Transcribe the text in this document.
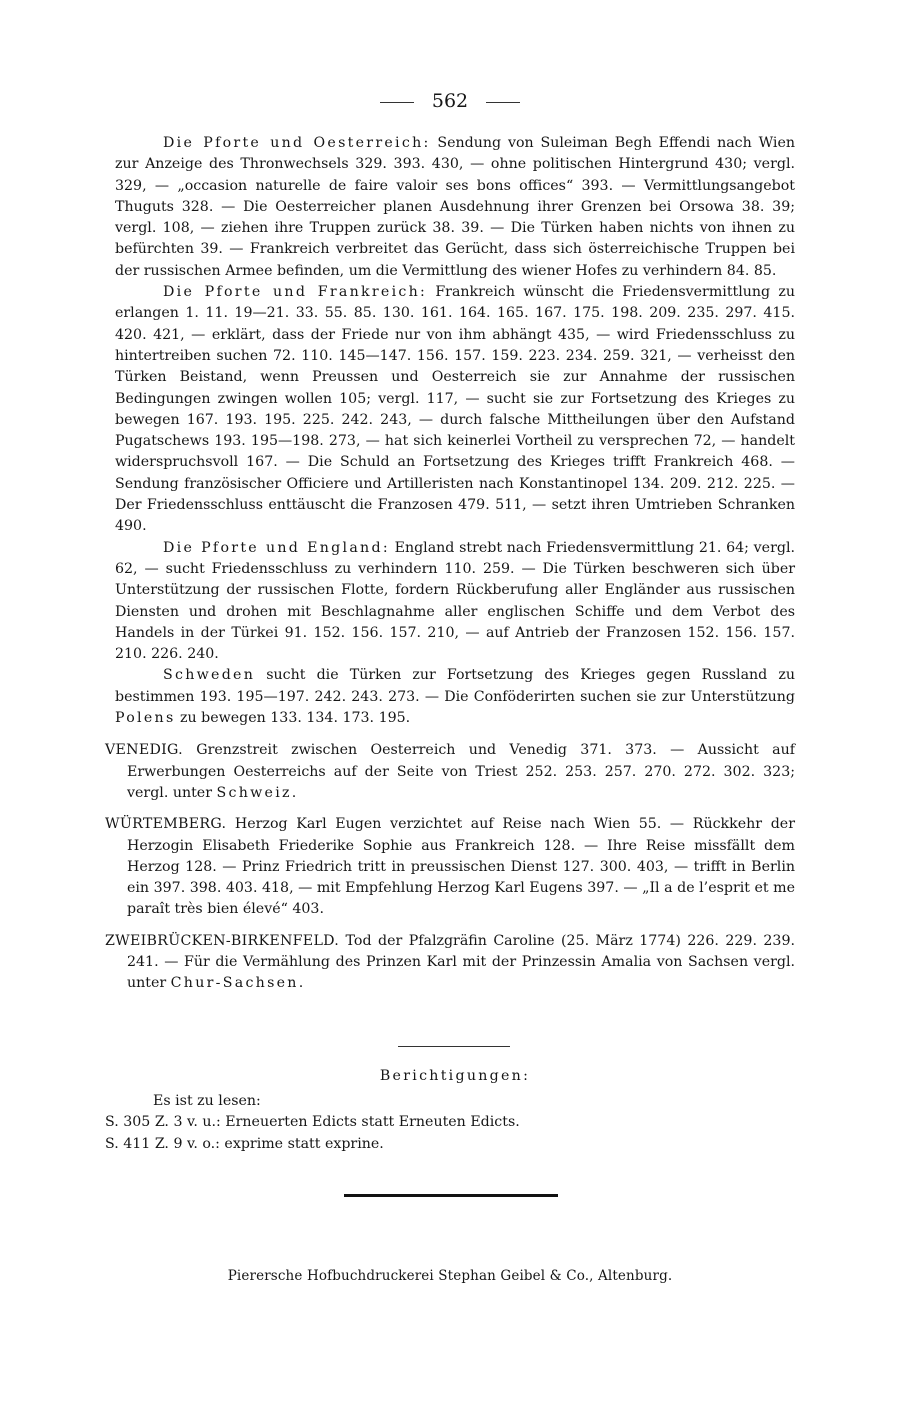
562

Die Pforte und Oesterreich: Sendung von Suleiman Begh Effendi nach Wien zur Anzeige des Thronwechsels 329. 393. 430, — ohne politischen Hintergrund 430; vergl. 329, — „occasion naturelle de faire valoir ses bons offices“ 393. — Vermittlungsangebot Thuguts 328. — Die Oesterreicher planen Ausdehnung ihrer Grenzen bei Orsowa 38. 39; vergl. 108, — ziehen ihre Truppen zurück 38. 39. — Die Türken haben nichts von ihnen zu befürchten 39. — Frankreich verbreitet das Gerücht, dass sich österreichische Truppen bei der russischen Armee befinden, um die Vermittlung des wiener Hofes zu verhindern 84. 85.

Die Pforte und Frankreich: Frankreich wünscht die Friedensvermittlung zu erlangen 1. 11. 19—21. 33. 55. 85. 130. 161. 164. 165. 167. 175. 198. 209. 235. 297. 415. 420. 421, — erklärt, dass der Friede nur von ihm abhängt 435, — wird Friedensschluss zu hintertreiben suchen 72. 110. 145—147. 156. 157. 159. 223. 234. 259. 321, — verheisst den Türken Beistand, wenn Preussen und Oesterreich sie zur Annahme der russischen Bedingungen zwingen wollen 105; vergl. 117, — sucht sie zur Fortsetzung des Krieges zu bewegen 167. 193. 195. 225. 242. 243, — durch falsche Mittheilungen über den Aufstand Pugatschews 193. 195—198. 273, — hat sich keinerlei Vortheil zu versprechen 72, — handelt widerspruchsvoll 167. — Die Schuld an Fortsetzung des Krieges trifft Frankreich 468. — Sendung französischer Officiere und Artilleristen nach Konstantinopel 134. 209. 212. 225. — Der Friedensschluss enttäuscht die Franzosen 479. 511, — setzt ihren Umtrieben Schranken 490.

Die Pforte und England: England strebt nach Friedensvermittlung 21. 64; vergl. 62, — sucht Friedensschluss zu verhindern 110. 259. — Die Türken beschweren sich über Unterstützung der russischen Flotte, fordern Rückberufung aller Engländer aus russischen Diensten und drohen mit Beschlagnahme aller englischen Schiffe und dem Verbot des Handels in der Türkei 91. 152. 156. 157. 210, — auf Antrieb der Franzosen 152. 156. 157. 210. 226. 240.

Schweden sucht die Türken zur Fortsetzung des Krieges gegen Russland zu bestimmen 193. 195—197. 242. 243. 273. — Die Conföderirten suchen sie zur Unterstützung Polens zu bewegen 133. 134. 173. 195.

VENEDIG. Grenzstreit zwischen Oesterreich und Venedig 371. 373. — Aussicht auf Erwerbungen Oesterreichs auf der Seite von Triest 252. 253. 257. 270. 272. 302. 323; vergl. unter Schweiz.

WÜRTEMBERG. Herzog Karl Eugen verzichtet auf Reise nach Wien 55. — Rückkehr der Herzogin Elisabeth Friederike Sophie aus Frankreich 128. — Ihre Reise missfällt dem Herzog 128. — Prinz Friedrich tritt in preussischen Dienst 127. 300. 403, — trifft in Berlin ein 397. 398. 403. 418, — mit Empfehlung Herzog Karl Eugens 397. — „Il a de l’esprit et me paraît très bien élevé“ 403.

ZWEIBRÜCKEN-BIRKENFELD. Tod der Pfalzgräfin Caroline (25. März 1774) 226. 229. 239. 241. — Für die Vermählung des Prinzen Karl mit der Prinzessin Amalia von Sachsen vergl. unter Chur-Sachsen.

Berichtigungen:

Es ist zu lesen:

S. 305 Z. 3 v. u.: Erneuerten Edicts statt Erneuten Edicts.

S. 411 Z. 9 v. o.: exprime statt exprine.

Pierersche Hofbuchdruckerei Stephan Geibel & Co., Altenburg.
